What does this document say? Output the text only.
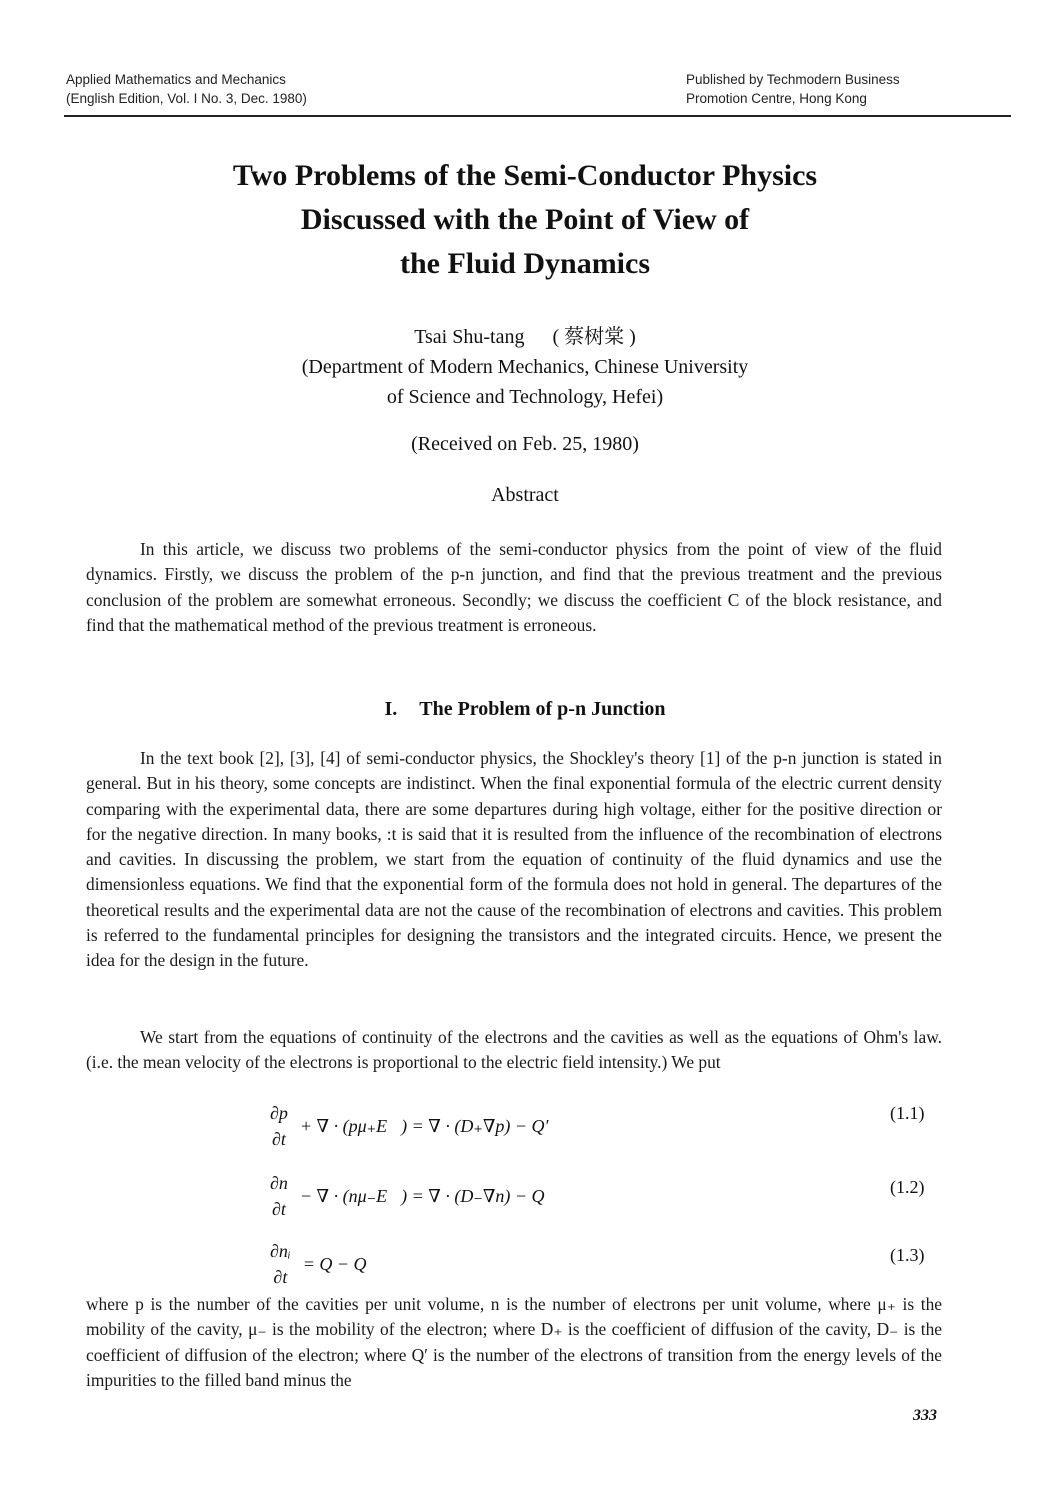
Applied Mathematics and Mechanics
(English Edition, Vol. I No. 3, Dec. 1980)
Published by Techmodern Business
Promotion Centre, Hong Kong
Two Problems of the Semi-Conductor Physics
Discussed with the Point of View of
the Fluid Dynamics
Tsai Shu-tang ( 蔡树棠 )
(Department of Modern Mechanics, Chinese University
of Science and Technology, Hefei)
(Received on Feb. 25, 1980)
Abstract
In this article, we discuss two problems of the semi-conductor physics from the point of view of the fluid dynamics. Firstly, we discuss the problem of the p-n junction, and find that the previous treatment and the previous conclusion of the problem are somewhat erroneous. Secondly; we discuss the coefficient C of the block resistance, and find that the mathematical method of the previous treatment is erroneous.
I. The Problem of p-n Junction
In the text book [2], [3], [4] of semi-conductor physics, the Shockley's theory [1] of the p-n junction is stated in general. But in his theory, some concepts are indistinct. When the final exponential formula of the electric current density comparing with the experimental data, there are some departures during high voltage, either for the positive direction or for the negative direction. In many books, :t is said that it is resulted from the influence of the recombination of electrons and cavities. In discussing the problem, we start from the equation of continuity of the fluid dynamics and use the dimensionless equations. We find that the exponential form of the formula does not hold in general. The departures of the theoretical results and the experimental data are not the cause of the recombination of electrons and cavities. This problem is referred to the fundamental principles for designing the transistors and the integrated circuits. Hence, we present the idea for the design in the future.
We start from the equations of continuity of the electrons and the cavities as well as the equations of Ohm's law. (i.e. the mean velocity of the electrons is proportional to the electric field intensity.) We put
∂p
∂t
+ ∇ · (pμ₊E⃗) = ∇ · (D₊∇p) − Q′
(1.1)
∂n
∂t
− ∇ · (nμ₋E⃗) = ∇ · (D₋∇n) − Q	(1.2)
∂nᵢ
∂t
= Q − Q	(1.3)
where p is the number of the cavities per unit volume, n is the number of electrons per unit volume, where μ₊ is the mobility of the cavity, μ₋ is the mobility of the electron; where D₊ is the coefficient of diffusion of the cavity, D₋ is the coefficient of diffusion of the electron; where Q′ is the number of the electrons of transition from the energy levels of the impurities to the filled band minus the
333
